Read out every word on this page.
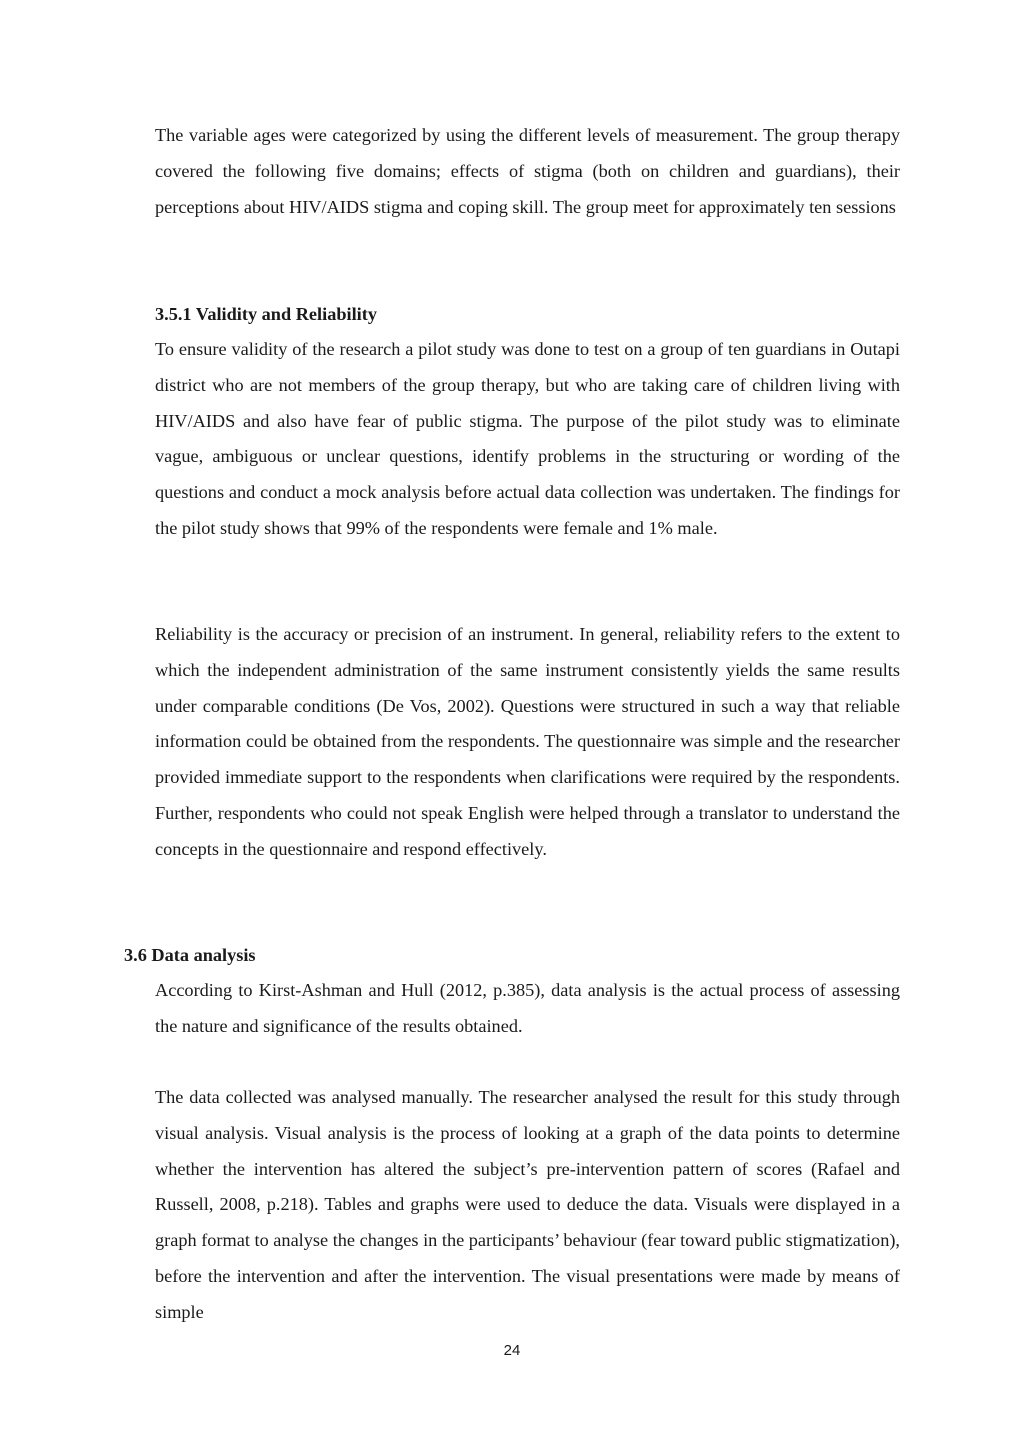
The variable ages were categorized by using the different levels of measurement. The group therapy covered the following five domains; effects of stigma (both on children and guardians), their perceptions about HIV/AIDS stigma and coping skill. The group meet for approximately ten sessions

3.5.1 Validity and Reliability

To ensure validity of the research a pilot study was done to test on a group of ten guardians in Outapi district who are not members of the group therapy, but who are taking care of children living with HIV/AIDS and also have fear of public stigma. The purpose of the pilot study was to eliminate vague, ambiguous or unclear questions, identify problems in the structuring or wording of the questions and conduct a mock analysis before actual data collection was undertaken. The findings for the pilot study shows that 99% of the respondents were female and 1% male.

Reliability is the accuracy or precision of an instrument. In general, reliability refers to the extent to which the independent administration of the same instrument consistently yields the same results under comparable conditions (De Vos, 2002). Questions were structured in such a way that reliable information could be obtained from the respondents. The questionnaire was simple and the researcher provided immediate support to the respondents when clarifications were required by the respondents. Further, respondents who could not speak English were helped through a translator to understand the concepts in the questionnaire and respond effectively.

3.6 Data analysis

According to Kirst-Ashman and Hull (2012, p.385), data analysis is the actual process of assessing the nature and significance of the results obtained.

The data collected was analysed manually. The researcher analysed the result for this study through visual analysis. Visual analysis is the process of looking at a graph of the data points to determine whether the intervention has altered the subject’s pre-intervention pattern of scores (Rafael and Russell, 2008, p.218). Tables and graphs were used to deduce the data. Visuals were displayed in a graph format to analyse the changes in the participants’ behaviour (fear toward public stigmatization), before the intervention and after the intervention. The visual presentations were made by means of simple

24
